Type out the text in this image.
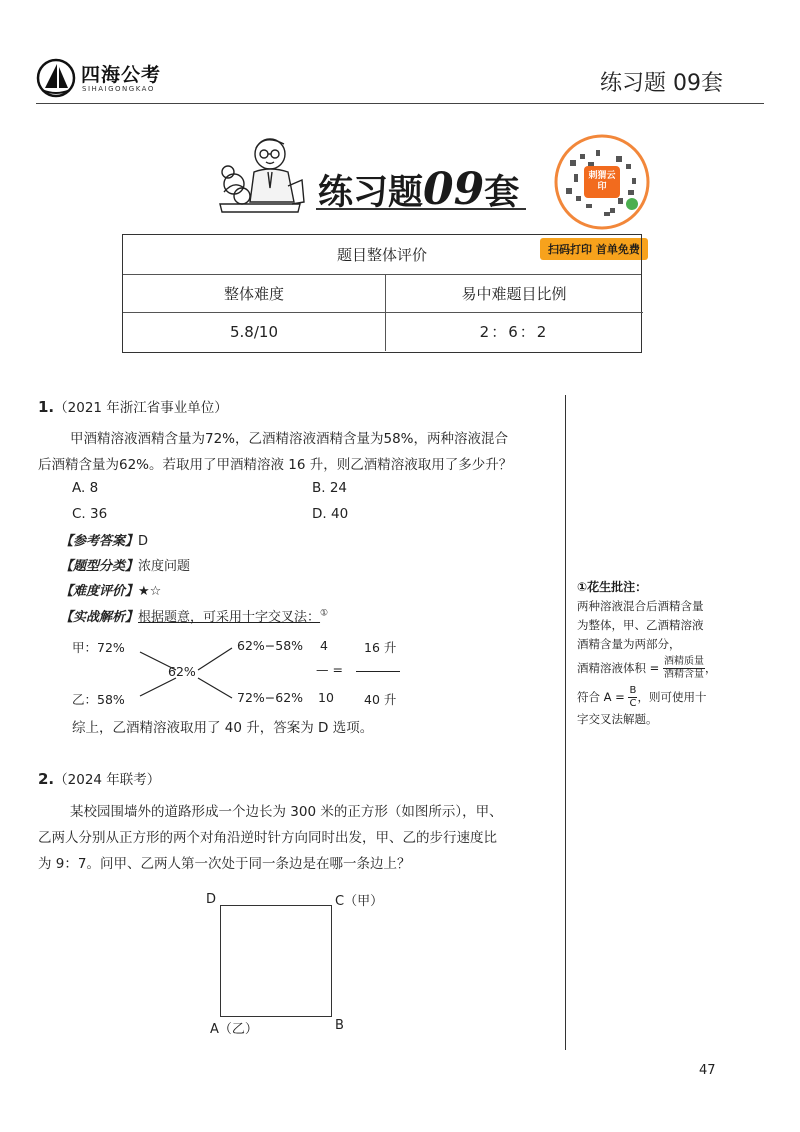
四海公考
SIHAIGONGKAO	练习题 09套
练习题09套	刺猬云印
扫码打印 首单免费
题目整体评价
整体难度	易中难题目比例
5.8/10	2：6：2
1.（2021 年浙江省事业单位）
甲酒精溶液酒精含量为72%，乙酒精溶液酒精含量为58%，两种溶液混合
后酒精含量为62%。若取用了甲酒精溶液 16 升，则乙酒精溶液取用了多少升？
A. 8	B. 24
C. 36	D. 40
【参考答案】D
【题型分类】浓度问题
【难度评价】★☆
【实战解析】根据题意，可采用十字交叉法：①
甲：72%
62%
乙：58%
62%−58%
72%−62%
4
10
— =
16 升
40 升
综上，乙酒精溶液取用了 40 升，答案为 D 选项。
①花生批注：
两种溶液混合后酒精含量
为整体，甲、乙酒精溶液
酒精含量为两部分，
酒精溶液体积 = $\frac{\text{酒精质量}}{\text{酒精含量}}$ ，
符合 $A = \frac{B}{C}$ ，则可使用十
字交叉法解题。
2.（2024 年联考）
某校园围墙外的道路形成一个边长为 300 米的正方形（如图所示），甲、
乙两人分别从正方形的两个对角沿逆时针方向同时出发，甲、乙的步行速度比
为 9：7。问甲、乙两人第一次处于同一条边是在哪一条边上？
D	C（甲）
A（乙）	B
47
